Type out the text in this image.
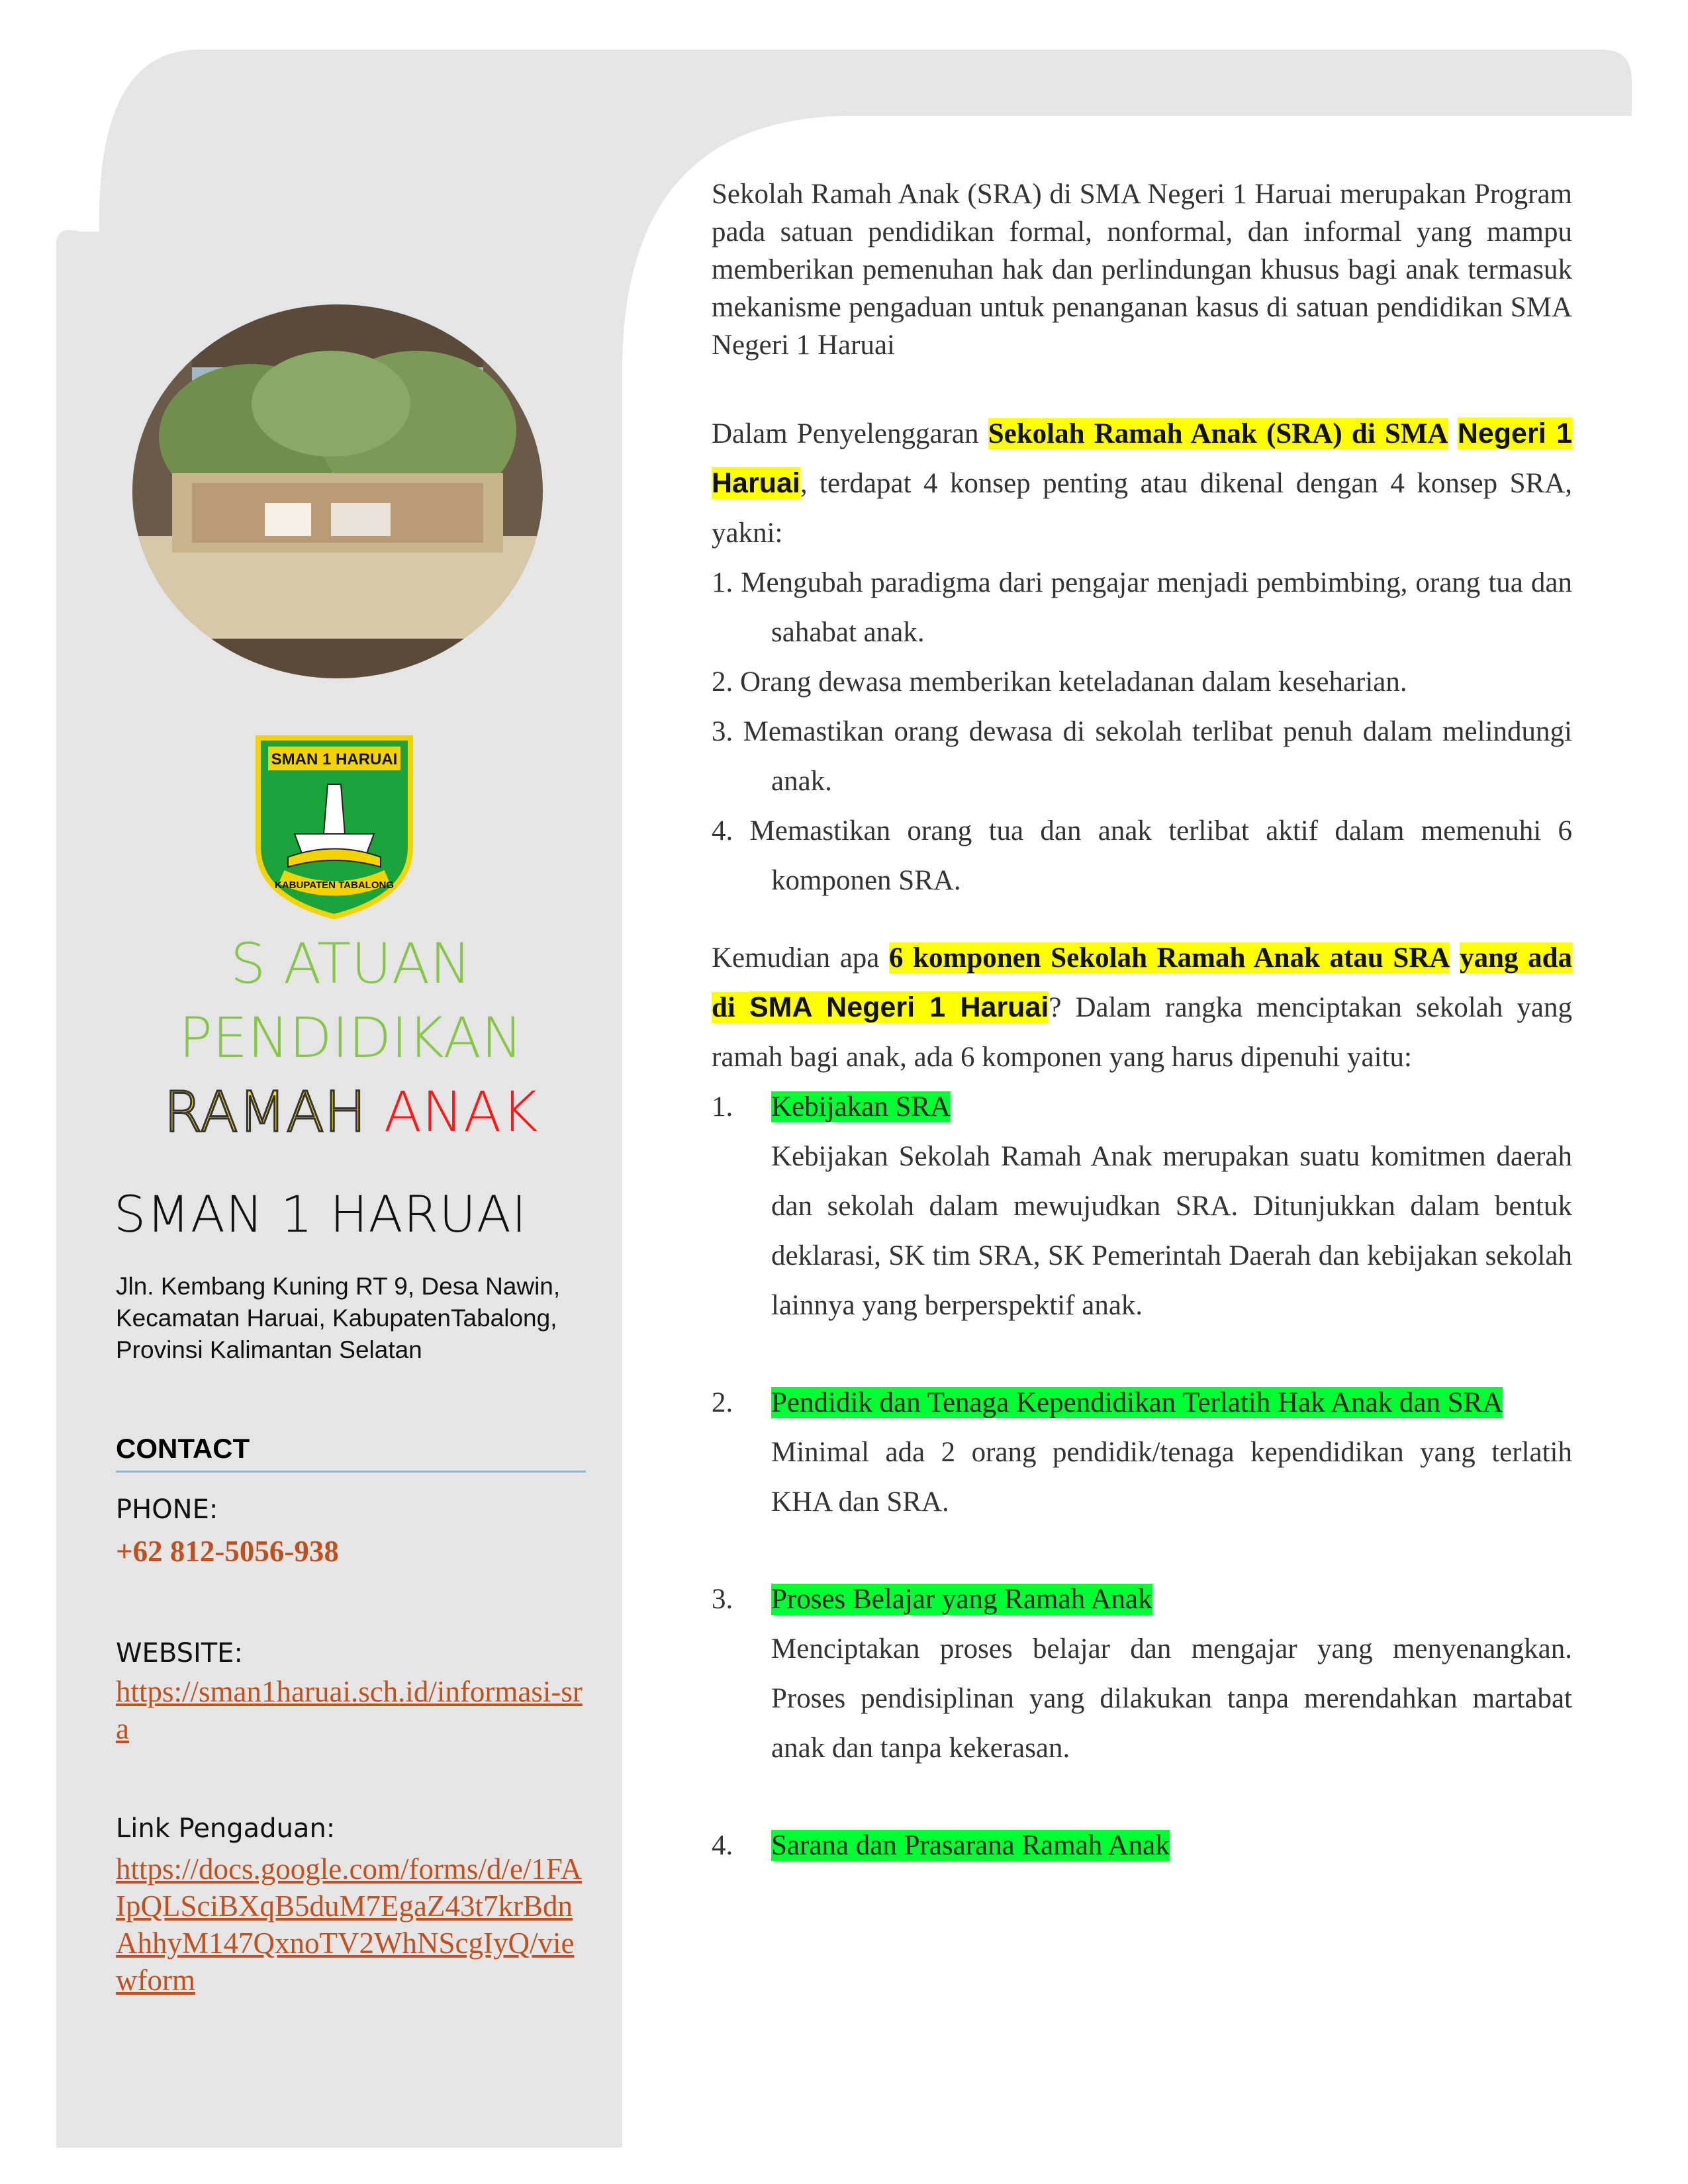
SMAN 1 HARUAI
KABUPATEN TABALONG
S ATUAN
PENDIDIKAN
RAMAH ANAK
SMAN 1 HARUAI
Jln. Kembang Kuning RT 9, Desa Nawin, Kecamatan Haruai, KabupatenTabalong, Provinsi Kalimantan Selatan
CONTACT
PHONE:
+62 812-5056-938
WEBSITE:
https://sman1haruai.sch.id/informasi-sra
Link Pengaduan:
https://docs.google.com/forms/d/e/1FAIpQLSciBXqB5duM7EgaZ43t7krBdnAhhyM147QxnoTV2WhNScgIyQ/viewform

Sekolah Ramah Anak (SRA) di SMA Negeri 1 Haruai merupakan Program pada satuan pendidikan formal, nonformal, dan informal yang mampu memberikan pemenuhan hak dan perlindungan khusus bagi anak termasuk mekanisme pengaduan untuk penanganan kasus di satuan pendidikan SMA Negeri 1 Haruai

Dalam Penyelenggaran Sekolah Ramah Anak (SRA) di SMA Negeri 1 Haruai, terdapat 4 konsep penting atau dikenal dengan 4 konsep SRA, yakni:

1. Mengubah paradigma dari pengajar menjadi pembimbing, orang tua dan sahabat anak.
2. Orang dewasa memberikan keteladanan dalam keseharian.
3. Memastikan orang dewasa di sekolah terlibat penuh dalam melindungi anak.
4. Memastikan orang tua dan anak terlibat aktif dalam memenuhi 6 komponen SRA.

Kemudian apa 6 komponen Sekolah Ramah Anak atau SRA yang ada di SMA Negeri 1 Haruai? Dalam rangka menciptakan sekolah yang ramah bagi anak, ada 6 komponen yang harus dipenuhi yaitu:

1. Kebijakan SRA
Kebijakan Sekolah Ramah Anak merupakan suatu komitmen daerah dan sekolah dalam mewujudkan SRA. Ditunjukkan dalam bentuk deklarasi, SK tim SRA, SK Pemerintah Daerah dan kebijakan sekolah lainnya yang berperspektif anak.
2. Pendidik dan Tenaga Kependidikan Terlatih Hak Anak dan SRA
Minimal ada 2 orang pendidik/tenaga kependidikan yang terlatih KHA dan SRA.
3. Proses Belajar yang Ramah Anak
Menciptakan proses belajar dan mengajar yang menyenangkan. Proses pendisiplinan yang dilakukan tanpa merendahkan martabat anak dan tanpa kekerasan.
4. Sarana dan Prasarana Ramah Anak
